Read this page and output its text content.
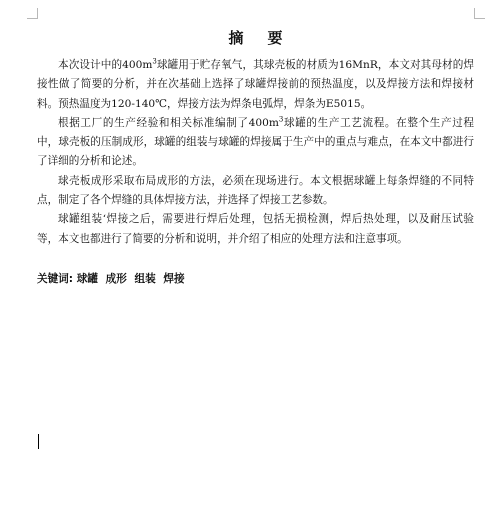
摘要

本次设计中的$400m^3$球罐用于贮存氧气，其球壳板的材质为16MnR，本文对其母材的焊接性做了简要的分析，并在次基础上选择了球罐焊接前的预热温度，以及焊接方法和焊接材料。预热温度为120-140℃，焊接方法为焊条电弧焊，焊条为E5015。

根据工厂的生产经验和相关标准编制了$400m^3$球罐的生产工艺流程。在整个生产过程中，球壳板的压制成形，球罐的组装与球罐的焊接属于生产中的重点与难点，在本文中都进行了详细的分析和论述。

球壳板成形采取布局成形的方法，必须在现场进行。本文根据球罐上每条焊缝的不同特点，制定了各个焊缝的具体焊接方法，并选择了焊接工艺参数。

球罐组装‘焊接之后，需要进行焊后处理，包括无损检测，焊后热处理，以及耐压试验等，本文也都进行了简要的分析和说明，并介绍了相应的处理方法和注意事项。

关键词: 球罐 成形 组装 焊接
